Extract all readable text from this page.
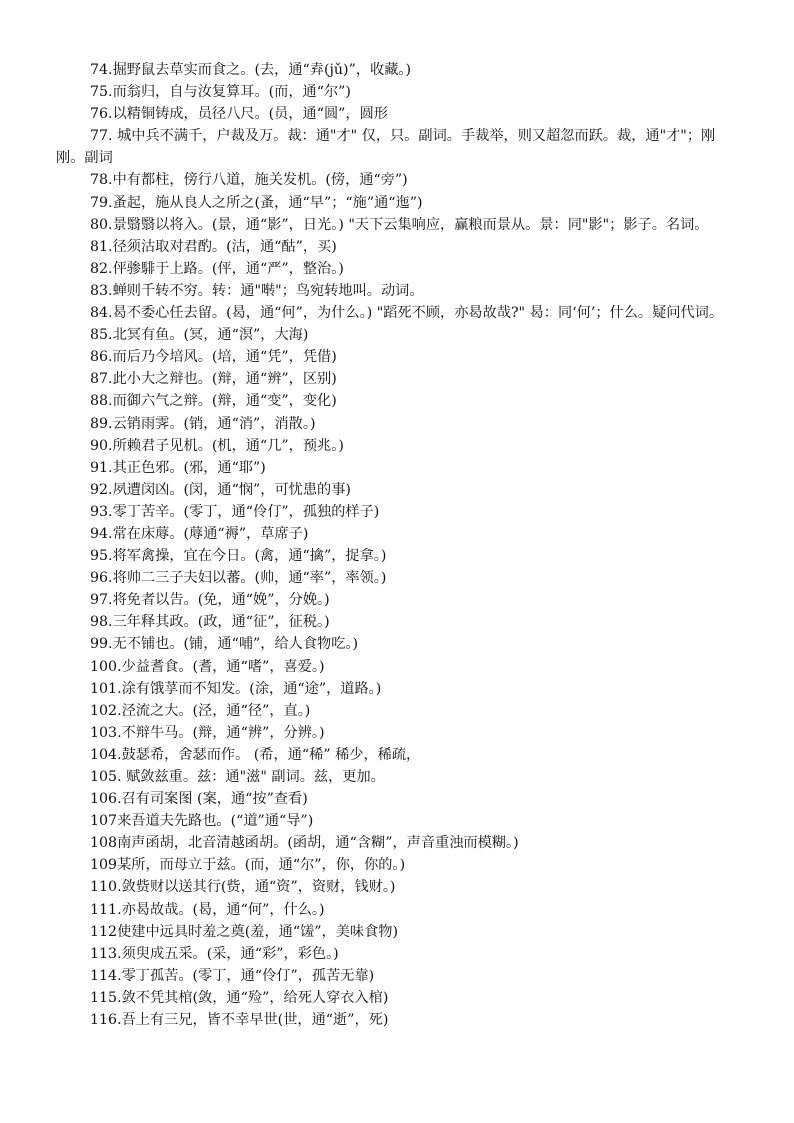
74.掘野鼠去草实而食之。(去，通“弆(jǔ)”，收藏。)

75.而翁归，自与汝复算耳。(而，通“尔”)

76.以精铜铸成，员径八尺。(员，通“圆”，圆形

77. 城中兵不满千，户裁及万。裁：通"才" 仅，只。副词。手裁举，则又超忽而跃。裁，通"才"；刚刚。副词

78.中有都柱，傍行八道，施关发机。(傍，通“旁”)

79.蚤起，施从良人之所之(蚤，通“早”；“施”通“迤”)

80.景翳翳以将入。(景，通“影”，日光。) "天下云集响应，赢粮而景从。景：同"影"；影子。名词。

81.径须沽取对君酌。(沽，通“酤”，买)

82.伻骖騑于上路。(伻，通“严”，整治。)

83.蝉则千转不穷。转：通"啭"；鸟宛转地叫。动词。

84.曷不委心任去留。(曷，通“何”，为什么。) "蹈死不顾，亦曷故哉?" 曷：同‘何’；什么。疑问代词。

85.北冥有鱼。(冥，通“溟”，大海)

86.而后乃今培风。(培，通“凭”，凭借)

87.此小大之辩也。(辩，通“辨”，区别)

88.而御六气之辩。(辩，通“变”，变化)

89.云销雨霁。(销，通“消”，消散。)

90.所赖君子见机。(机，通“几”，预兆。)

91.其正色邪。(邪，通“耶”)

92.夙遭闵凶。(闵，通“悯”，可忧患的事)

93.零丁苦辛。(零丁，通“伶仃”，孤独的样子)

94.常在床蓐。(蓐通“褥”，草席子)

95.将军禽操，宜在今日。(禽，通“擒”，捉拿。)

96.将帅二三子夫妇以蕃。(帅，通“率”，率领。)

97.将免者以告。(免，通“娩”，分娩。)

98.三年释其政。(政，通“征”，征税。)

99.无不铺也。(铺，通“哺”，给人食物吃。)

100.少益耆食。(耆，通“嗜”，喜爱。)

101.涂有饿莩而不知发。(涂，通“途”，道路。)

102.泾流之大。(泾，通“径”，直。)

103.不辩牛马。(辩，通“辨”，分辨。)

104.鼓瑟希，舍瑟而作。 (希，通“稀” 稀少，稀疏，

105. 赋敛兹重。兹：通"滋" 副词。兹，更加。

106.召有司案图 (案，通“按”查看)

107来吾道夫先路也。(“道”通“导”)

108南声函胡，北音清越函胡。(函胡，通“含糊”，声音重浊而模糊。)

109某所，而母立于兹。(而，通“尔”，你，你的。)

110.敛赀财以送其行(赀，通“资”，资财，钱财。)

111.亦曷故哉。(曷，通“何”，什么。)

112使建中远具时羞之奠(羞，通“馐”，美味食物)

113.须臾成五采。(采，通“彩”，彩色。)

114.零丁孤苦。(零丁，通“伶仃”，孤苦无靠)

115.敛不凭其棺(敛，通“殓”，给死人穿衣入棺)

116.吾上有三兄，皆不幸早世(世，通“逝”，死)
